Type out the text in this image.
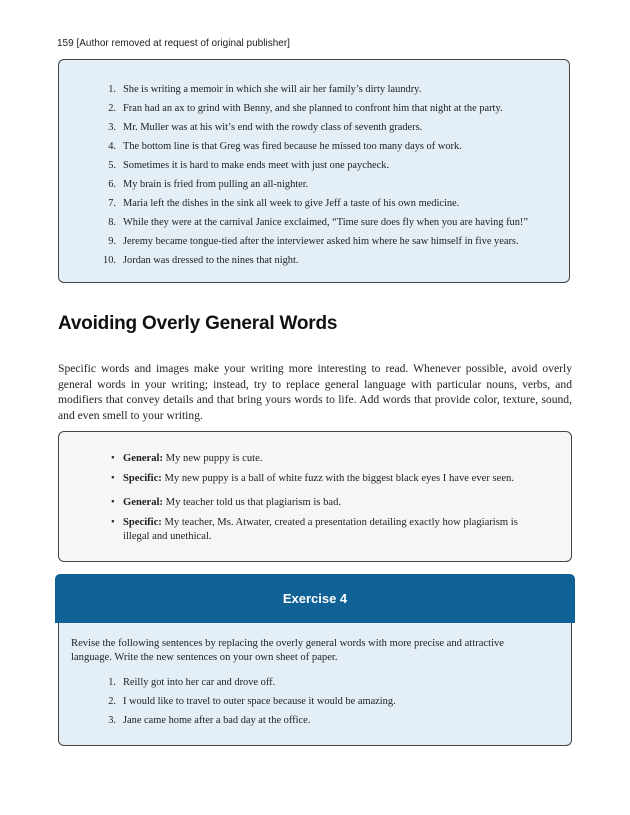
159 [Author removed at request of original publisher]
1. She is writing a memoir in which she will air her family’s dirty laundry.
2. Fran had an ax to grind with Benny, and she planned to confront him that night at the party.
3. Mr. Muller was at his wit’s end with the rowdy class of seventh graders.
4. The bottom line is that Greg was fired because he missed too many days of work.
5. Sometimes it is hard to make ends meet with just one paycheck.
6. My brain is fried from pulling an all-nighter.
7. Maria left the dishes in the sink all week to give Jeff a taste of his own medicine.
8. While they were at the carnival Janice exclaimed, “Time sure does fly when you are having fun!”
9. Jeremy became tongue-tied after the interviewer asked him where he saw himself in five years.
10. Jordan was dressed to the nines that night.
Avoiding Overly General Words

Specific words and images make your writing more interesting to read. Whenever possible, avoid overly general words in your writing; instead, try to replace general language with particular nouns, verbs, and modifiers that convey details and that bring yours words to life. Add words that provide color, texture, sound, and even smell to your writing.

• General: My new puppy is cute.
• Specific: My new puppy is a ball of white fuzz with the biggest black eyes I have ever seen.
• General: My teacher told us that plagiarism is bad.
• Specific: My teacher, Ms. Atwater, created a presentation detailing exactly how plagiarism is illegal and unethical.
Exercise 4

Revise the following sentences by replacing the overly general words with more precise and attractive language. Write the new sentences on your own sheet of paper.

1. Reilly got into her car and drove off.
2. I would like to travel to outer space because it would be amazing.
3. Jane came home after a bad day at the office.
